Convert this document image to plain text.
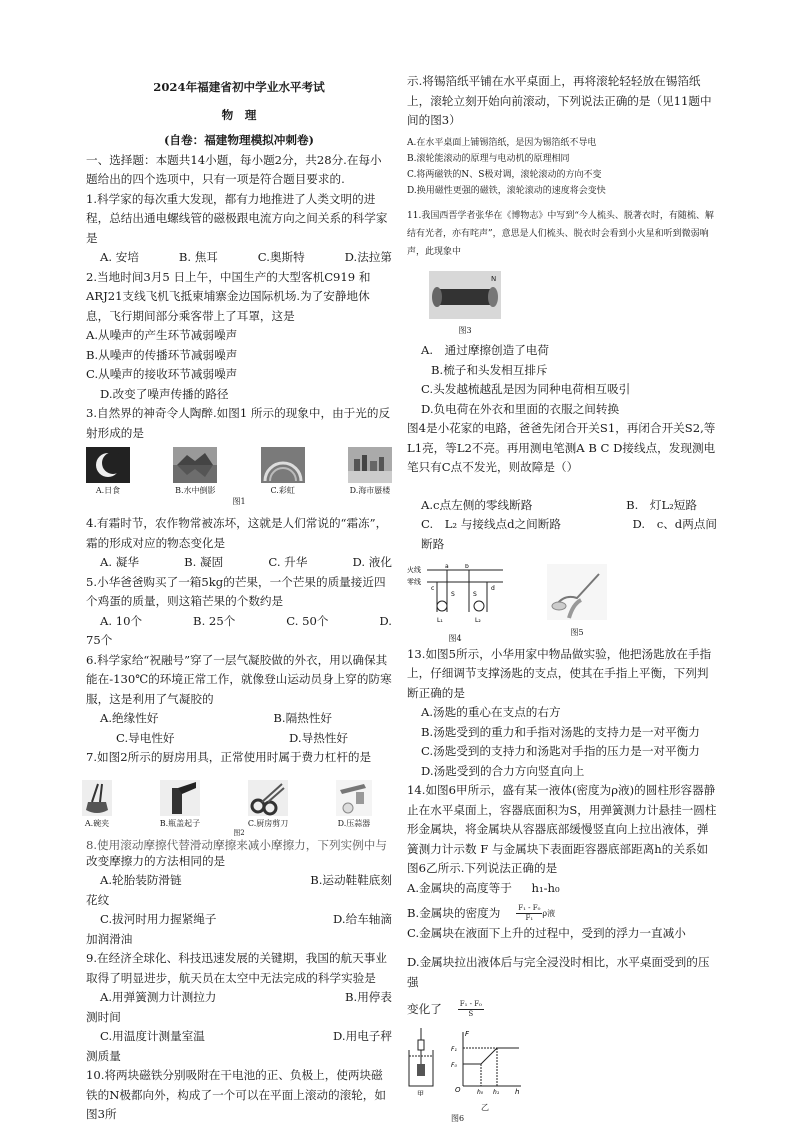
2024年福建省初中学业水平考试

物　理

(自卷：福建物理模拟冲刺卷)

一、选择题：本题共14小题，每小题2分，共28分.在每小题给出的四个选项中，只有一项是符合题目要求的.

1.科学家的每次重大发现，都有力地推进了人类文明的进程，总结出通电螺线管的磁极跟电流方向之间关系的科学家是

A. 安培	B. 焦耳	C.奥斯特	D.法拉第

2.当地时间3月5 日上午，中国生产的大型客机C919 和ARJ21支线飞机飞抵柬埔寨金边国际机场.为了安静地休息，飞行期间部分乘客带上了耳罩，这是

A.从噪声的产生环节减弱噪声

B.从噪声的传播环节减弱噪声

C.从噪声的接收环节减弱噪声

D.改变了噪声传播的路径

3.自然界的神奇令人陶醉.如图1 所示的现象中，由于光的反射形成的是

A.日食	B.水中倒影	C.彩虹	D.海市蜃楼
图1

4.有霜时节，农作物常被冻坏，这就是人们常说的“霜冻”，霜的形成对应的物态变化是

A. 凝华	B. 凝固	C. 升华	D. 液化

5.小华爸爸购买了一箱5kg的芒果，一个芒果的质量接近四个鸡蛋的质量，则这箱芒果的个数约是

A. 10个	B. 25个	C. 50个	D.

75个

6.科学家给“祝融号”穿了一层气凝胶做的外衣，用以确保其能在-130℃的环境正常工作，就像登山运动员身上穿的防寒服，这是利用了气凝胶的

A.绝缘性好	B.隔热性好
C.导电性好	D.导热性好

7.如图2所示的厨房用具，正常使用时属于费力杠杆的是

A.碗夹	B.瓶盖起子	C.厨房剪刀	D.压蒜器
图2

8.使用滚动摩擦代替滑动摩擦来减小摩擦力，下列实例中与

改变摩擦力的方法相同的是

A.轮胎装防滑链	B.运动鞋鞋底刻

花纹

C.拔河时用力握紧绳子	D.给车轴滴

加润滑油

9.在经济全球化、科技迅速发展的关键期，我国的航天事业取得了明显进步，航天员在太空中无法完成的科学实验是

A.用弹簧测力计测拉力	B.用停表

测时间

C.用温度计测量室温	D.用电子秤

测质量

10.将两块磁铁分别吸附在干电池的正、负极上，使两块磁铁的N极都向外，构成了一个可以在平面上滚动的滚轮，如图3所

示.将锡箔纸平铺在水平桌面上，再将滚轮轻轻放在锡箔纸上，滚轮立刻开始向前滚动，下列说法正确的是（见11题中间的图3）

A.在水平桌面上铺锡箔纸，是因为锡箔纸不导电

B.滚轮能滚动的原理与电动机的原理相同

C.将两磁铁的N、S极对调，滚轮滚动的方向不变

D.换用磁性更强的磁铁，滚轮滚动的速度将会变快

11.我国西晋学者张华在《博物志》中写到“今人梳头、脱著衣时，有随梳、解结有光者，亦有咤声”，意思是人们梳头、脱衣时会看到小火星和听到微弱响声，此现象中

N
图3

A.　通过摩擦创造了电荷

B.梳子和头发相互排斥

C.头发越梳越乱是因为同种电荷相互吸引

D.负电荷在外衣和里面的衣服之间转换

图4是小花家的电路，爸爸先闭合开关S1，再闭合开关S2,等L1亮，等L2不亮。再用测电笔测A B C D接线点，发现测电笔只有C点不发光，则故障是（）

A.c点左侧的零线断路	B.　灯L₂短路
C.　L₂ 与接线点d之间断路	D.　c、d两点间

断路

火线
零线
a	b
c	d
S	S
L₁	L₂
图4
图5

13.如图5所示，小华用家中物品做实验，他把汤匙放在手指上，仔细调节支撑汤匙的支点，使其在手指上平衡，下列判断正确的是

A.汤匙的重心在支点的右方

B.汤匙受到的重力和手指对汤匙的支持力是一对平衡力

C.汤匙受到的支持力和汤匙对手指的压力是一对平衡力

D.汤匙受到的合力方向竖直向上

14.如图6甲所示，盛有某一液体(密度为ρ液)的圆柱形容器静止在水平桌面上，容器底面积为S，用弹簧测力计悬挂一圆柱形金属块，将金属块从容器底部缓慢竖直向上拉出液体，弹簧测力计示数 F 与金属块下表面距容器底部距离h的关系如图6乙所示.下列说法正确的是

A.金属块的高度等于 h₁-h₀

B.金属块的密度为	F₁ - F₀
F₁
ρ液

C.金属块在液面下上升的过程中，受到的浮力一直减小

D.金属块拉出液体后与完全浸没时相比，水平桌面受到的压强

变化了	F₁ - F₀
S

甲
F
F₁
F₀
O	h₀ h₁ h
乙
图6
